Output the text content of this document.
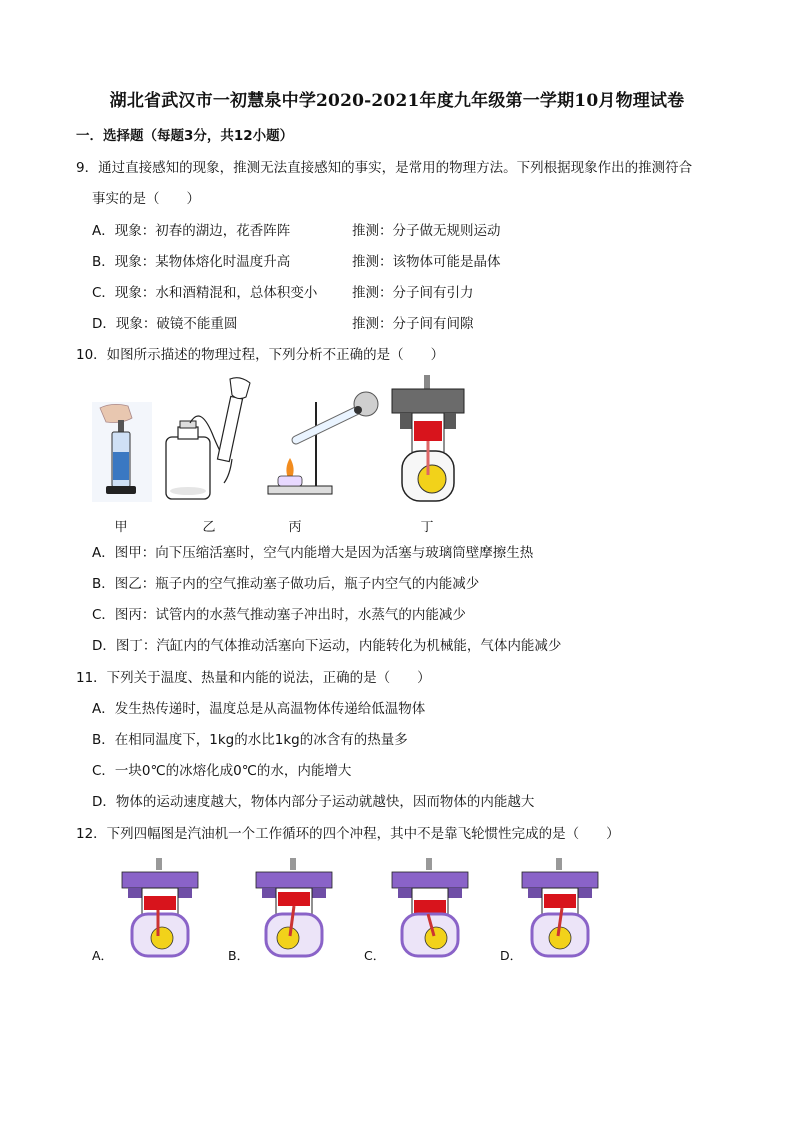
湖北省武汉市一初慧泉中学2020-2021年度九年级第一学期10月物理试卷
一．选择题（每题3分，共12小题）
9．通过直接感知的现象，推测无法直接感知的事实，是常用的物理方法。下列根据现象作出的推测符合
事实的是（　　）
A．现象：初春的湖边，花香阵阵	推测：分子做无规则运动
B．现象：某物体熔化时温度升高	推测：该物体可能是晶体
C．现象：水和酒精混和，总体积变小	推测：分子间有引力
D．现象：破镜不能重圆	推测：分子间有间隙
10．如图所示描述的物理过程，下列分析不正确的是（　　）
甲	乙	丙	丁
A．图甲：向下压缩活塞时，空气内能增大是因为活塞与玻璃筒壁摩擦生热
B．图乙：瓶子内的空气推动塞子做功后，瓶子内空气的内能减少
C．图丙：试管内的水蒸气推动塞子冲出时，水蒸气的内能减少
D．图丁：汽缸内的气体推动活塞向下运动，内能转化为机械能，气体内能减少
11．下列关于温度、热量和内能的说法，正确的是（　　）
A．发生热传递时，温度总是从高温物体传递给低温物体
B．在相同温度下，1kg的水比1kg的冰含有的热量多
C．一块0℃的冰熔化成0℃的水，内能增大
D．物体的运动速度越大，物体内部分子运动就越快，因而物体的内能越大
12．下列四幅图是汽油机一个工作循环的四个冲程，其中不是靠飞轮惯性完成的是（　　）
A．	B．	C．	D．
